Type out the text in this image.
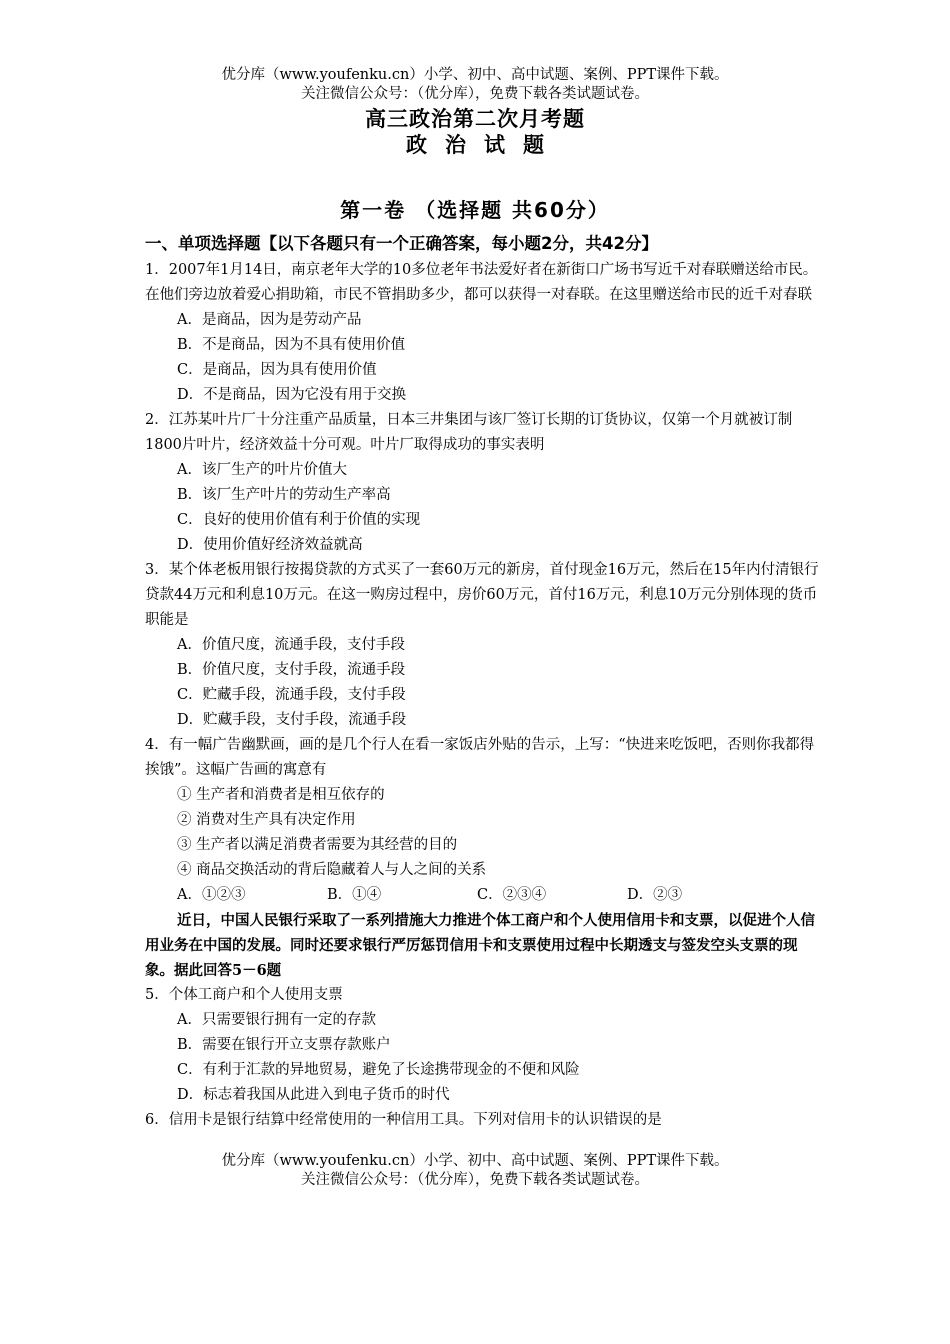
优分库（www.youfenku.cn）小学、初中、高中试题、案例、PPT课件下载。
关注微信公众号：（优分库），免费下载各类试题试卷。
高三政治第二次月考题
政治试题
第一卷 （选择题 共60分）
一、单项选择题【以下各题只有一个正确答案，每小题2分，共42分】

1．2007年1月14日，南京老年大学的10多位老年书法爱好者在新街口广场书写近千对春联赠送给市民。在他们旁边放着爱心捐助箱，市民不管捐助多少，都可以获得一对春联。在这里赠送给市民的近千对春联

A．是商品，因为是劳动产品
B．不是商品，因为不具有使用价值
C．是商品，因为具有使用价值
D．不是商品，因为它没有用于交换

2．江苏某叶片厂十分注重产品质量，日本三井集团与该厂签订长期的订货协议，仅第一个月就被订制1800片叶片，经济效益十分可观。叶片厂取得成功的事实表明

A．该厂生产的叶片价值大
B．该厂生产叶片的劳动生产率高
C．良好的使用价值有利于价值的实现
D．使用价值好经济效益就高

3．某个体老板用银行按揭贷款的方式买了一套60万元的新房，首付现金16万元，然后在15年内付清银行贷款44万元和利息10万元。在这一购房过程中，房价60万元，首付16万元，利息10万元分别体现的货币职能是

A．价值尺度，流通手段，支付手段
B．价值尺度，支付手段，流通手段
C．贮藏手段，流通手段，支付手段
D．贮藏手段，支付手段，流通手段

4．有一幅广告幽默画，画的是几个行人在看一家饭店外贴的告示，上写：“快进来吃饭吧，否则你我都得挨饿”。这幅广告画的寓意有

① 生产者和消费者是相互依存的
② 消费对生产具有决定作用
③ 生产者以满足消费者需要为其经营的目的
④ 商品交换活动的背后隐藏着人与人之间的关系
A．①②③	B．①④	C．②③④	D．②③

近日，中国人民银行采取了一系列措施大力推进个体工商户和个人使用信用卡和支票，以促进个人信用业务在中国的发展。同时还要求银行严厉惩罚信用卡和支票使用过程中长期透支与签发空头支票的现象。据此回答5－6题

5．个体工商户和个人使用支票

A．只需要银行拥有一定的存款
B．需要在银行开立支票存款账户
C．有利于汇款的异地贸易，避免了长途携带现金的不便和风险
D．标志着我国从此进入到电子货币的时代

6．信用卡是银行结算中经常使用的一种信用工具。下列对信用卡的认识错误的是

优分库（www.youfenku.cn）小学、初中、高中试题、案例、PPT课件下载。
关注微信公众号：（优分库），免费下载各类试题试卷。
